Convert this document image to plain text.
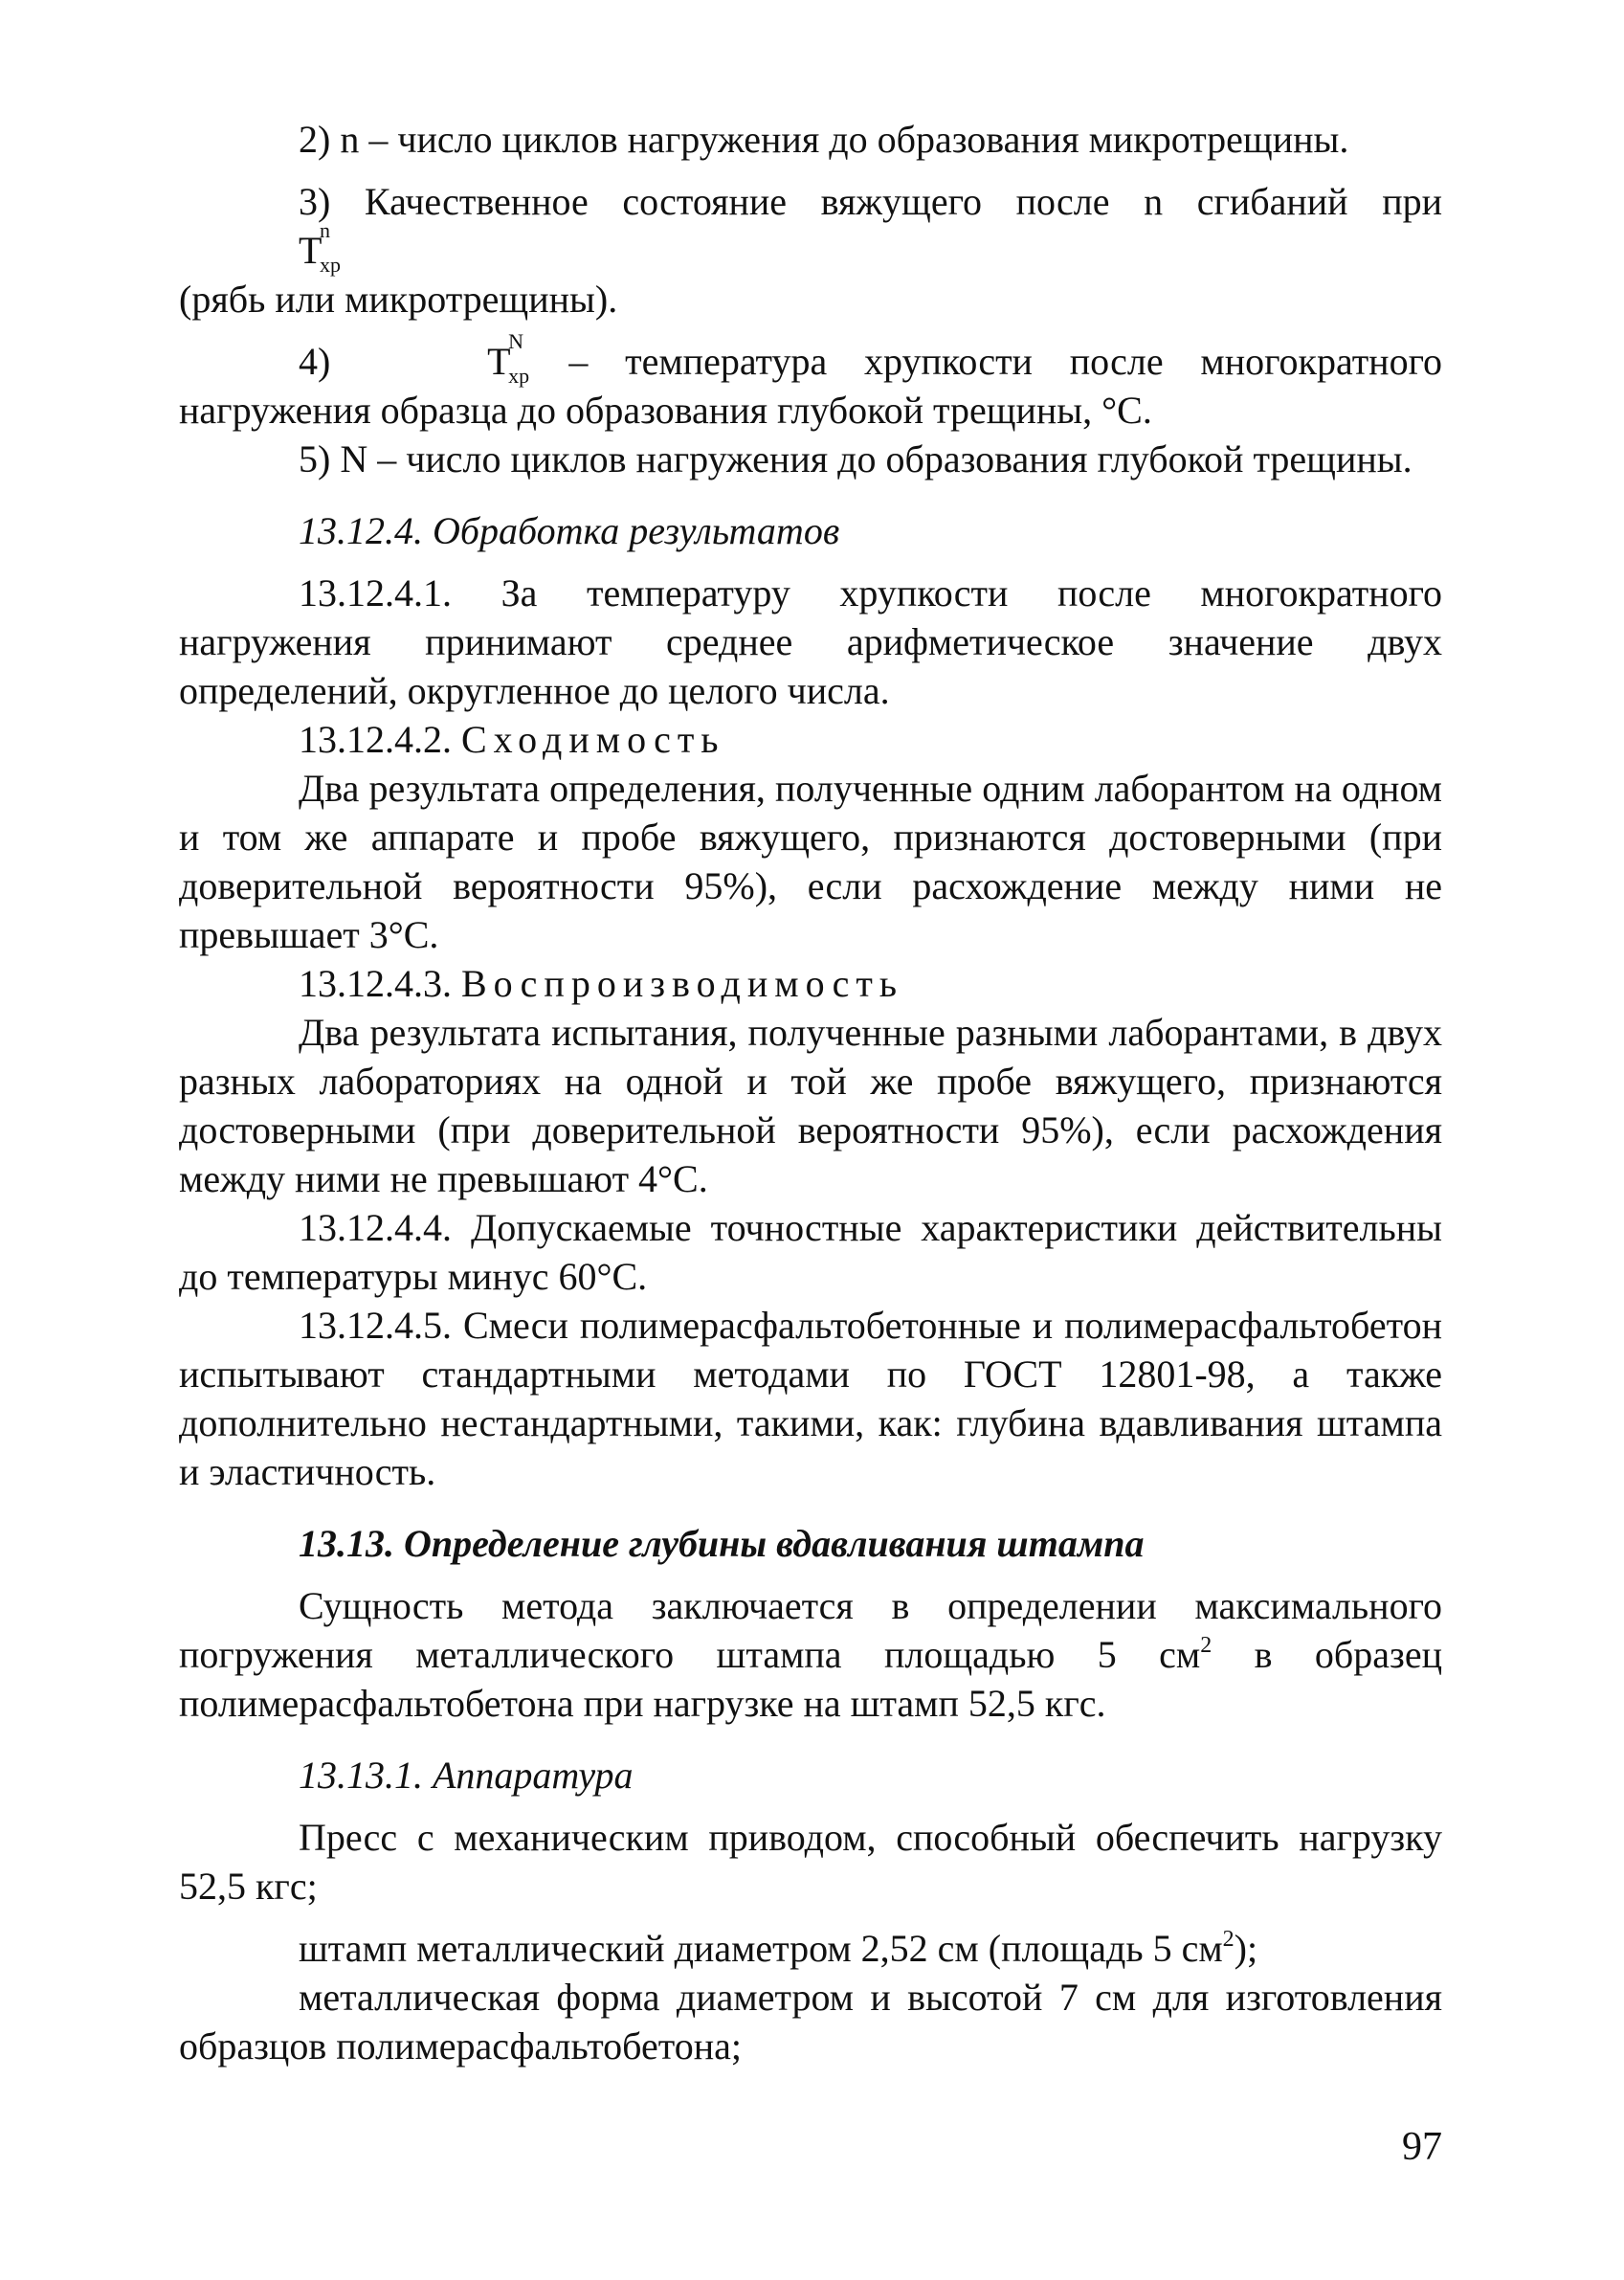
2) n – число циклов нагружения до образования микротрещины.

3) Качественное состояние вяжущего после n сгибаний при T
n
хр

(рябь или микротрещины).

4)	T
N
хр – температура хрупкости после многократного нагружения образца до образования глубокой трещины, °С.

5) N – число циклов нагружения до образования глубокой трещины.

13.12.4. Обработка результатов

13.12.4.1. За температуру хрупкости после многократного нагружения принимают среднее арифметическое значение двух определений, округленное до целого числа.

13.12.4.2. Сходимость

Два результата определения, полученные одним лаборантом на одном и том же аппарате и пробе вяжущего, признаются достоверными (при доверительной вероятности 95%), если расхождение между ними не превышает 3°С.

13.12.4.3. Воспроизводимость

Два результата испытания, полученные разными лаборантами, в двух разных лабораториях на одной и той же пробе вяжущего, признаются достоверными (при доверительной вероятности 95%), если расхождения между ними не превышают 4°С.

13.12.4.4. Допускаемые точностные характеристики действительны до температуры минус 60°С.

13.12.4.5. Смеси полимерасфальтобетонные и полимерасфальтобетон испытывают стандартными методами по ГОСТ 12801-98, а также дополнительно нестандартными, такими, как: глубина вдавливания штампа и эластичность.

13.13. Определение глубины вдавливания штампа

Сущность метода заключается в определении максимального погружения металлического штампа площадью 5 $см^2$ в образец полимерасфальтобетона при нагрузке на штамп 52,5 кгс.

13.13.1. Аппаратура

Пресс с механическим приводом, способный обеспечить нагрузку 52,5 кгс;

штамп металлический диаметром 2,52 см (площадь 5 $см^2$);

металлическая форма диаметром и высотой 7 см для изготовления образцов полимерасфальтобетона;

97
